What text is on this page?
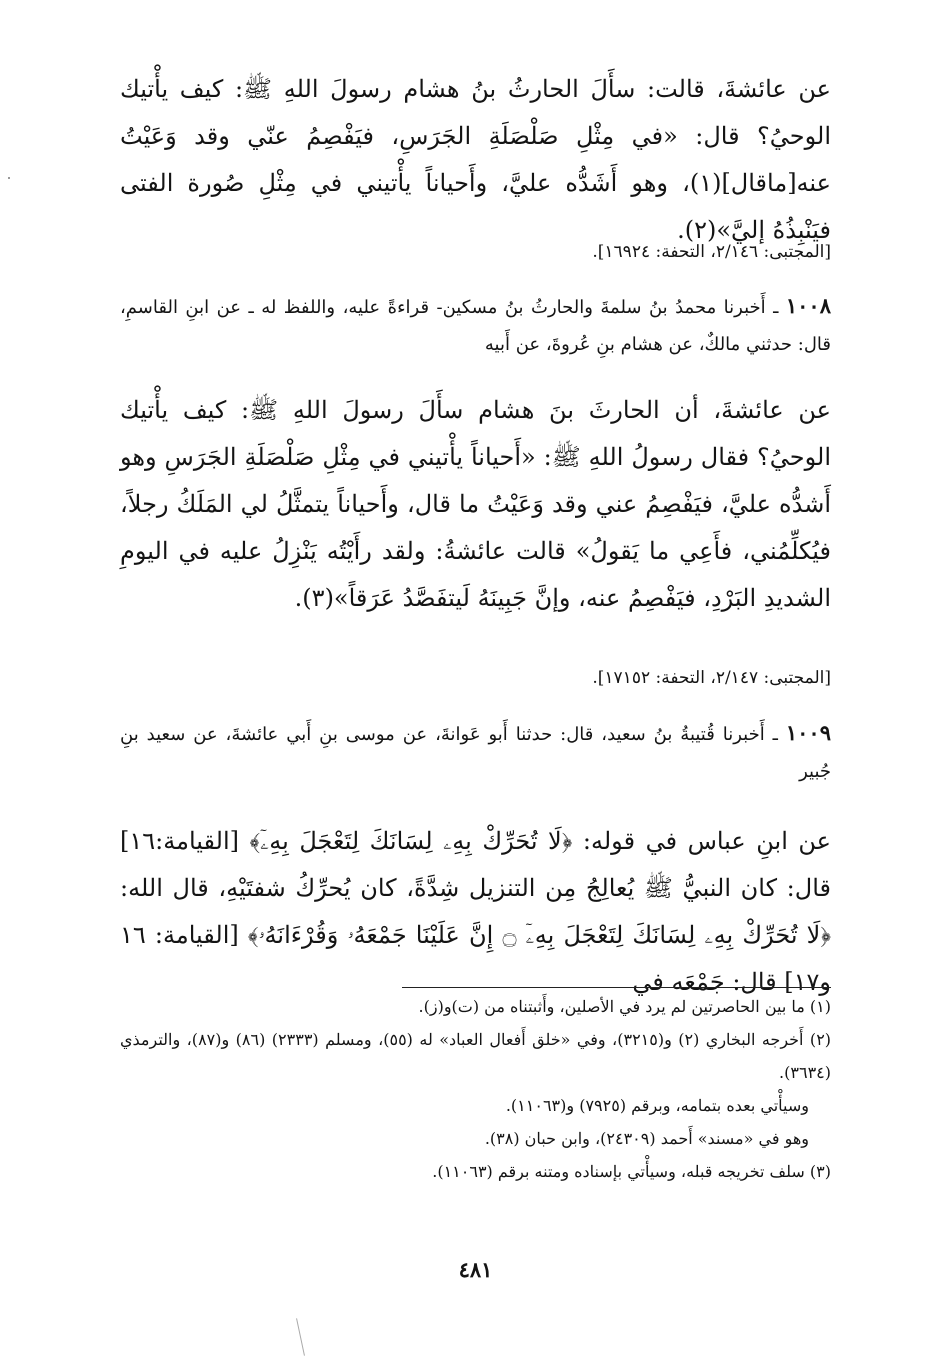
عن عائشةَ، قالت: سأَلَ الحارثُ بنُ هشام رسولَ اللهِ ﷺ: كيف يأْتيك الوحيُ؟ قال: «في مِثْلِ صَلْصَلَةِ الجَرَسِ، فيَفْصِمُ عنّي وقد وَعَيْتُ عنه[ماقال](١)، وهو أَشَدُّه عليَّ، وأَحياناً يأْتيني في مِثْلِ صُورة الفتى فيَنْبِذُهُ إليَّ»(٢).

[المجتبى: ٢/١٤٦، التحفة: ١٦٩٢٤].

١٠٠٨ ـ أَخبرنا محمدُ بنُ سلمةَ والحارثُ بنُ مسكين- قراءةً عليه، واللفظ له ـ عن ابنِ القاسمِ، قال: حدثني مالكٌ، عن هشام بنِ عُروةَ، عن أَبيه

عن عائشةَ، أن الحارثَ بنَ هشام سأَلَ رسولَ اللهِ ﷺ: كيف يأْتيك الوحيُ؟ فقال رسولُ اللهِ ﷺ: «أَحياناً يأْتيني في مِثْلِ صَلْصَلَةِ الجَرَسِ وهو أَشدُّه عليَّ، فيَفْصِمُ عني وقد وَعَيْتُ ما قال، وأَحياناً يتمثَّلُ لي المَلَكُ رجلاً، فيُكلِّمُني، فأَعِي ما يَقولُ» قالت عائشةُ: ولقد رأَيْتُه يَنْزِلُ عليه في اليومِ الشديدِ البَرْدِ، فيَفْصِمُ عنه، وإنَّ جَبِينَهُ لَيتفَصَّدُ عَرَقاً»(٣).

[المجتبى: ٢/١٤٧، التحفة: ١٧١٥٢].

١٠٠٩ ـ أَخبرنا قُتيبةُ بنُ سعيد، قال: حدثنا أَبو عَوانةَ، عن موسى بنِ أَبي عائشةَ، عن سعيد بنِ جُبير

عن ابنِ عباس في قوله: ﴿لَا تُحَرِّكْ بِهِۦ لِسَانَكَ لِتَعْجَلَ بِهِۦٓ﴾ [القيامة:١٦] قال: كان النبيُّ ﷺ يُعالِجُ مِن التنزيل شِدَّةً، كان يُحرِّكُ شفتَيْهِ، قال الله: ﴿لَا تُحَرِّكْ بِهِۦ لِسَانَكَ لِتَعْجَلَ بِهِۦٓ ۝ إِنَّ عَلَيْنَا جَمْعَهُۥ وَقُرْءَانَهُۥ﴾ [القيامة: ١٦ و١٧] قال: جَمْعَه في

(١) ما بين الحاصرتين لم يرد في الأصلين، وأَثبتناه من (ت)و(ز).

(٢) أَخرجه البخاري (٢) و(٣٢١٥)، وفي «خلق أَفعال العباد» له (٥٥)، ومسلم (٢٣٣٣) (٨٦) و(٨٧)، والترمذي (٣٦٣٤).

وسيأْتي بعده بتمامه، وبرقم (٧٩٢٥) و(١١٠٦٣).

وهو في «مسند» أَحمد (٢٤٣٠٩)، وابن حبان (٣٨).

(٣) سلف تخريجه قبله، وسيأْتي بإسناده ومتنه برقم (١١٠٦٣).

٤٨١
